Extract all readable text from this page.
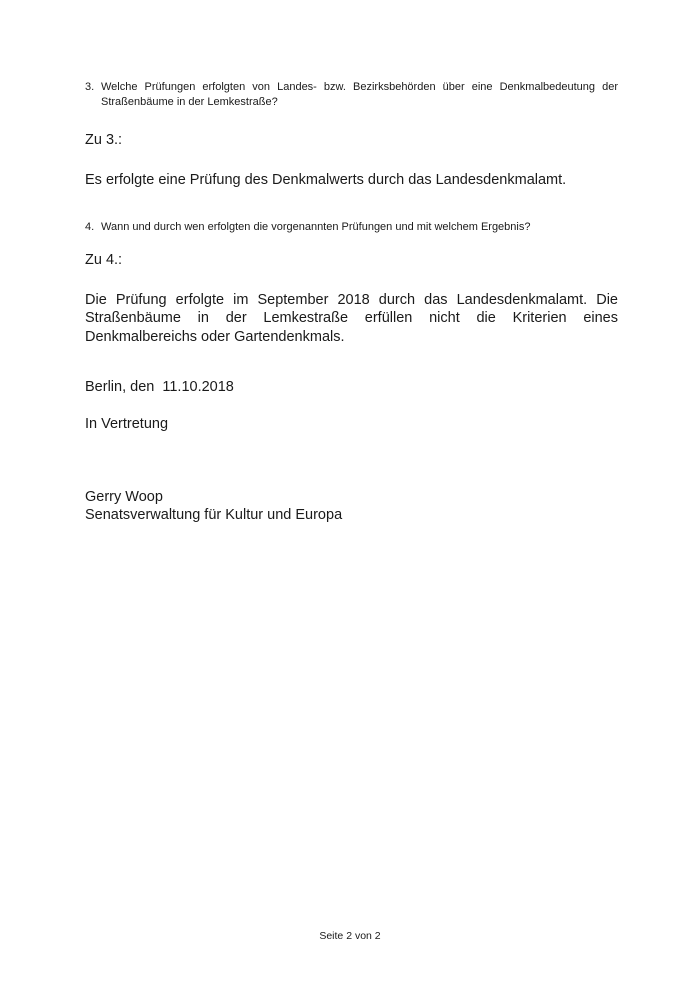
3. Welche Prüfungen erfolgten von Landes- bzw. Bezirksbehörden über eine Denkmalbedeutung der Straßenbäume in der Lemkestraße?

Zu 3.:

Es erfolgte eine Prüfung des Denkmalwerts durch das Landesdenkmalamt.

4. Wann und durch wen erfolgten die vorgenannten Prüfungen und mit welchem Ergebnis?

Zu 4.:

Die Prüfung erfolgte im September 2018 durch das Landesdenkmalamt. Die Straßenbäume in der Lemkestraße erfüllen nicht die Kriterien eines Denkmalbereichs oder Gartendenkmals.

Berlin, den  11.10.2018

In Vertretung

Gerry Woop
Senatsverwaltung für Kultur und Europa
Seite 2 von 2
